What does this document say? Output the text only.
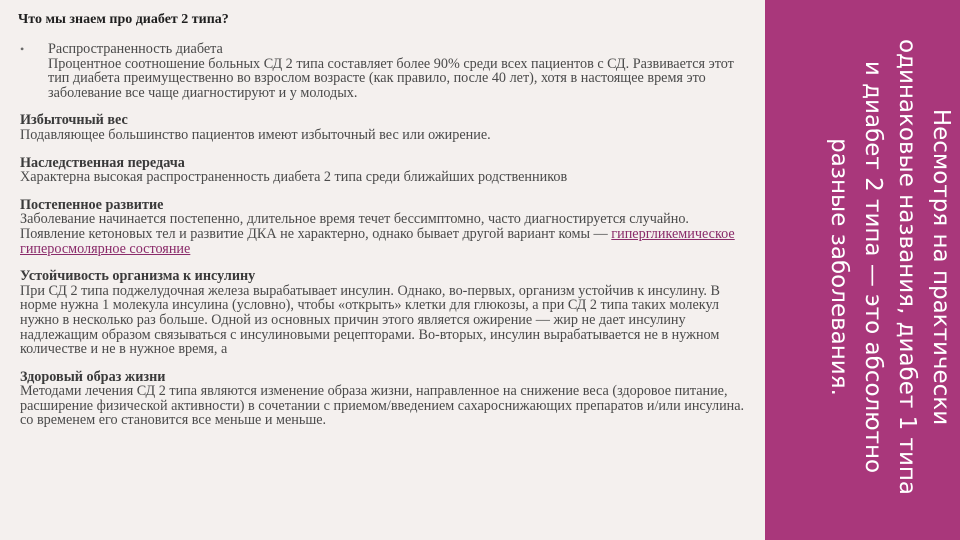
Что мы знаем про диабет 2 типа?
• Распространенность диабета
Процентное соотношение больных СД 2 типа составляет более 90% среди всех пациентов с СД. Развивается этот тип диабета преимущественно во взрослом возрасте (как правило, после 40 лет), хотя в настоящее время это заболевание все чаще диагностируют и у молодых.
Избыточный вес
Подавляющее большинство пациентов имеют избыточный вес или ожирение.
Наследственная передача
Характерна высокая распространенность диабета 2 типа среди ближайших родственников
Постепенное развитие
Заболевание начинается постепенно, длительное время течет бессимптомно, часто диагностируется случайно. Появление кетоновых тел и развитие ДКА не характерно, однако бывает другой вариант комы — гипергликемическое гиперосмолярное состояние
Устойчивость организма к инсулину
При СД 2 типа поджелудочная железа вырабатывает инсулин. Однако, во-первых, организм устойчив к инсулину. В норме нужна 1 молекула инсулина (условно), чтобы «открыть» клетки для глюкозы, а при СД 2 типа таких молекул нужно в несколько раз больше. Одной из основных причин этого является ожирение — жир не дает инсулину надлежащим образом связываться с инсулиновыми рецепторами. Во-вторых, инсулин вырабатывается не в нужном количестве и не в нужное время, а
Здоровый образ жизни
Методами лечения СД 2 типа являются изменение образа жизни, направленное на снижение веса (здоровое питание, расширение физической активности) в сочетании с приемом/введением сахароснижающих препаратов и/или инсулина. со временем его становится все меньше и меньше.	Несмотря на практически одинаковые названия, диабет 1 типа и диабет 2 типа — это абсолютно разные заболевания.
